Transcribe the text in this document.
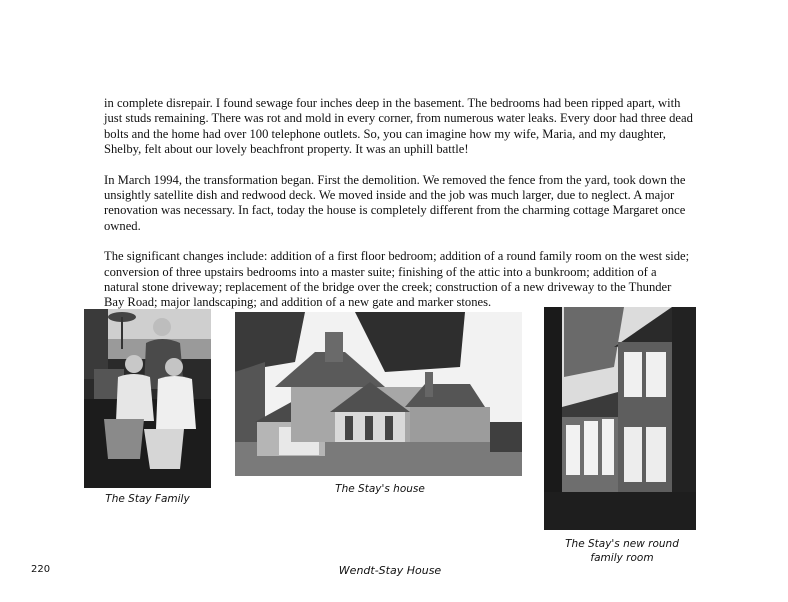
in complete disrepair. I found sewage four inches deep in the basement. The bedrooms had been ripped apart, with just studs remaining. There was rot and mold in every corner, from numerous water leaks. Every door had three dead bolts and the home had over 100 telephone outlets. So, you can imagine how my wife, Maria, and my daughter, Shelby, felt about our lovely beachfront property. It was an uphill battle!

In March 1994, the transformation began. First the demolition. We removed the fence from the yard, took down the unsightly satellite dish and redwood deck. We moved inside and the job was much larger, due to neglect. A major renovation was necessary. In fact, today the house is completely different from the charming cottage Margaret once owned.

The significant changes include: addition of a first floor bedroom; addition of a round family room on the west side; conversion of three upstairs bedrooms into a master suite; finishing of the attic into a bunkroom; addition of a natural stone driveway; replacement of the bridge over the creek; construction of a new driveway to the Thunder Bay Road; major landscaping; and addition of a new gate and marker stones.

The Stay Family
The Stay's house
The Stay's new round family room
220	Wendt-Stay House
